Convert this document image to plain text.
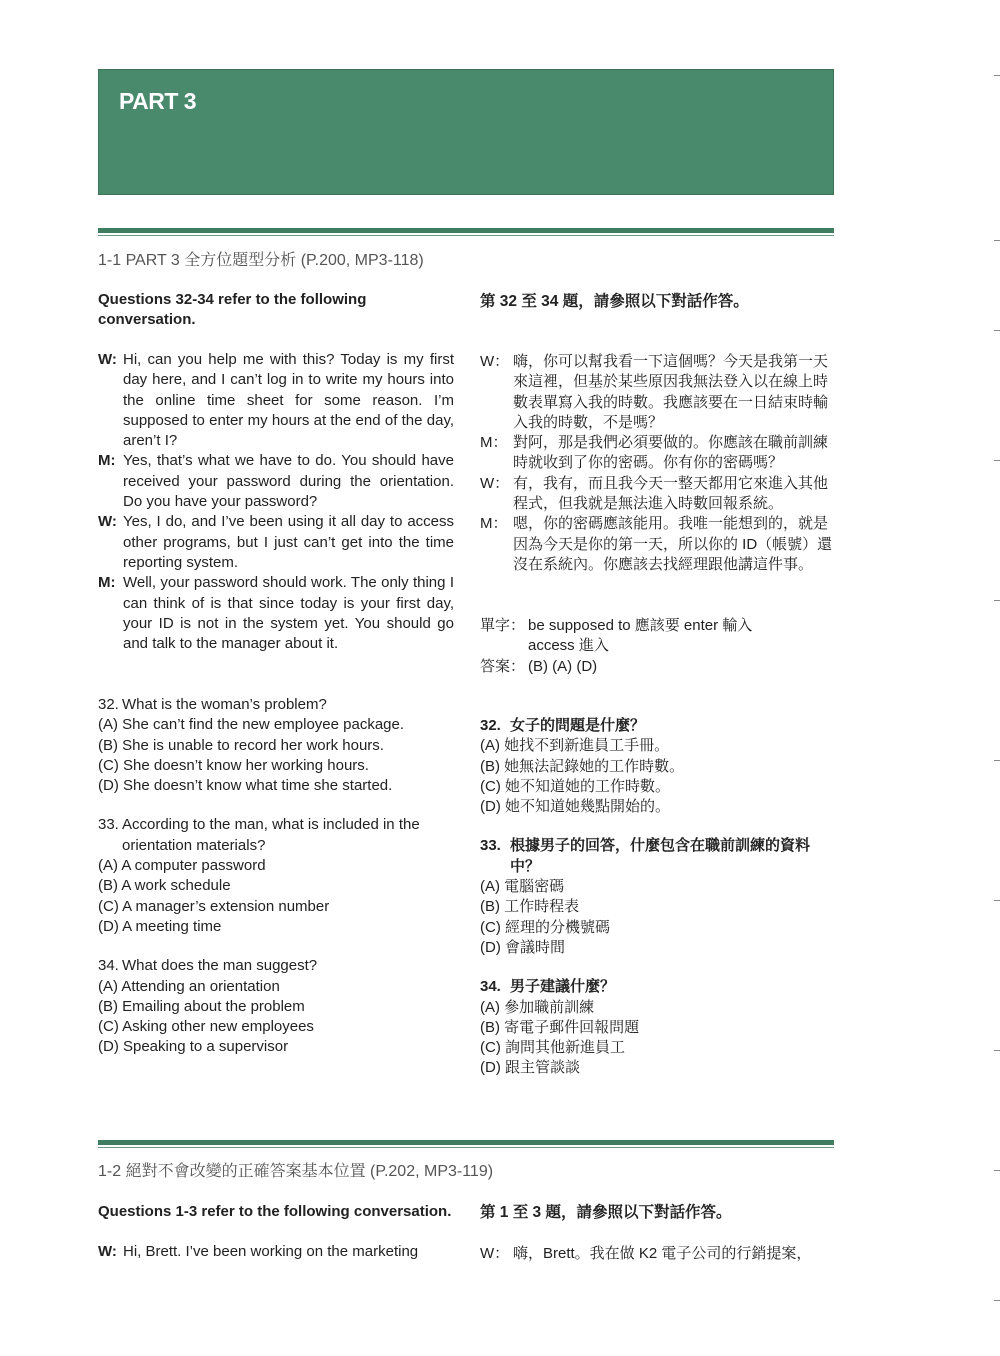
PART 3
1-1 PART 3 全方位題型分析 (P.200, MP3-118)
Questions 32-34 refer to the following conversation.
第 32 至 34 題，請參照以下對話作答。
W: Hi, can you help me with this? Today is my first day here, and I can’t log in to write my hours into the online time sheet for some reason. I’m supposed to enter my hours at the end of the day, aren’t I?
M: Yes, that’s what we have to do. You should have received your password during the orientation. Do you have your password?
W: Yes, I do, and I’ve been using it all day to access other programs, but I just can’t get into the time reporting system.
M: Well, your password should work. The only thing I can think of is that since today is your first day, your ID is not in the system yet. You should go and talk to the manager about it.
W： 嗨，你可以幫我看一下這個嗎？今天是我第一天來這裡，但基於某些原因我無法登入以在線上時數表單寫入我的時數。我應該要在一日結束時輸入我的時數，不是嗎？
M： 對阿，那是我們必須要做的。你應該在職前訓練時就收到了你的密碼。你有你的密碼嗎？
W： 有，我有，而且我今天一整天都用它來進入其他程式，但我就是無法進入時數回報系統。
M： 嗯，你的密碼應該能用。我唯一能想到的，就是因為今天是你的第一天，所以你的 ID（帳號）還沒在系統內。你應該去找經理跟他講這件事。
單字： be supposed to 應該要 enter 輸入
access 進入
答案： (B) (A) (D)
32. What is the woman’s problem?
(A) She can’t find the new employee package.
(B) She is unable to record her work hours.
(C) She doesn’t know her working hours.
(D) She doesn’t know what time she started.
33. According to the man, what is included in the orientation materials?
(A) A computer password
(B) A work schedule
(C) A manager’s extension number
(D) A meeting time
34. What does the man suggest?
(A) Attending an orientation
(B) Emailing about the problem
(C) Asking other new employees
(D) Speaking to a supervisor
32. 女子的問題是什麼？
(A) 她找不到新進員工手冊。
(B) 她無法記錄她的工作時數。
(C) 她不知道她的工作時數。
(D) 她不知道她幾點開始的。
33. 根據男子的回答，什麼包含在職前訓練的資料中？
(A) 電腦密碼
(B) 工作時程表
(C) 經理的分機號碼
(D) 會議時間
34. 男子建議什麼？
(A) 參加職前訓練
(B) 寄電子郵件回報問題
(C) 詢問其他新進員工
(D) 跟主管談談
1-2 絕對不會改變的正確答案基本位置 (P.202, MP3-119)
Questions 1-3 refer to the following conversation. 第 1 至 3 題，請參照以下對話作答。
W: Hi, Brett. I’ve been working on the marketing	W： 嗨，Brett。我在做 K2 電子公司的行銷提案，
